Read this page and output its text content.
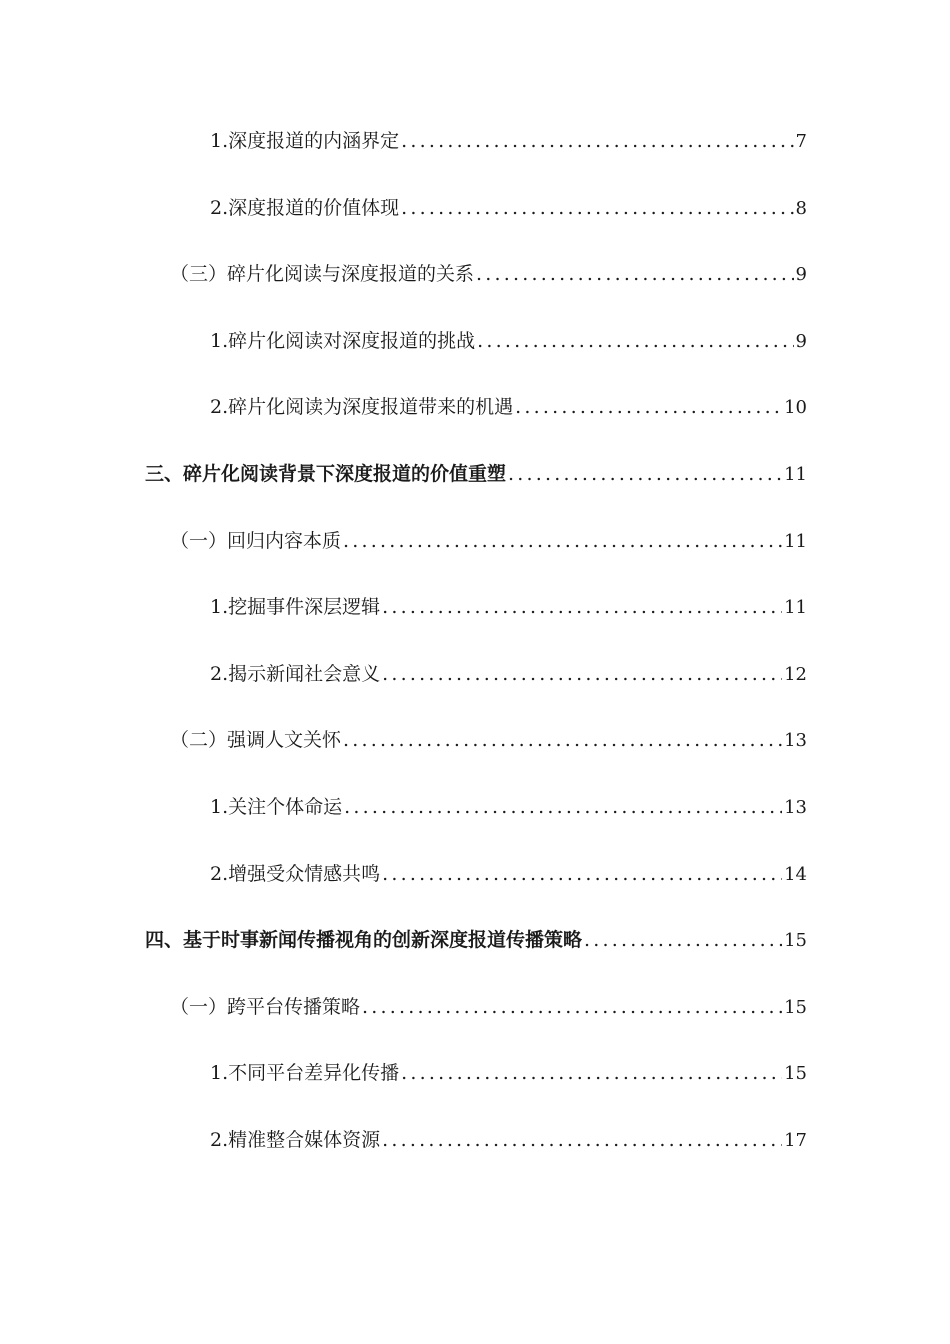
1.深度报道的内涵界定 .....	7
2.深度报道的价值体现 .....	8
（三）碎片化阅读与深度报道的关系 .....	9
1.碎片化阅读对深度报道的挑战 .....	9
2.碎片化阅读为深度报道带来的机遇 .....	10
三、碎片化阅读背景下深度报道的价值重塑 .....	11
（一）回归内容本质 .....	11
1.挖掘事件深层逻辑 .....	11
2.揭示新闻社会意义 .....	12
（二）强调人文关怀 .....	13
1.关注个体命运 .....	13
2.增强受众情感共鸣 .....	14
四、基于时事新闻传播视角的创新深度报道传播策略 .....	15
（一）跨平台传播策略 .....	15
1.不同平台差异化传播 .....	15
2.精准整合媒体资源 .....	17
